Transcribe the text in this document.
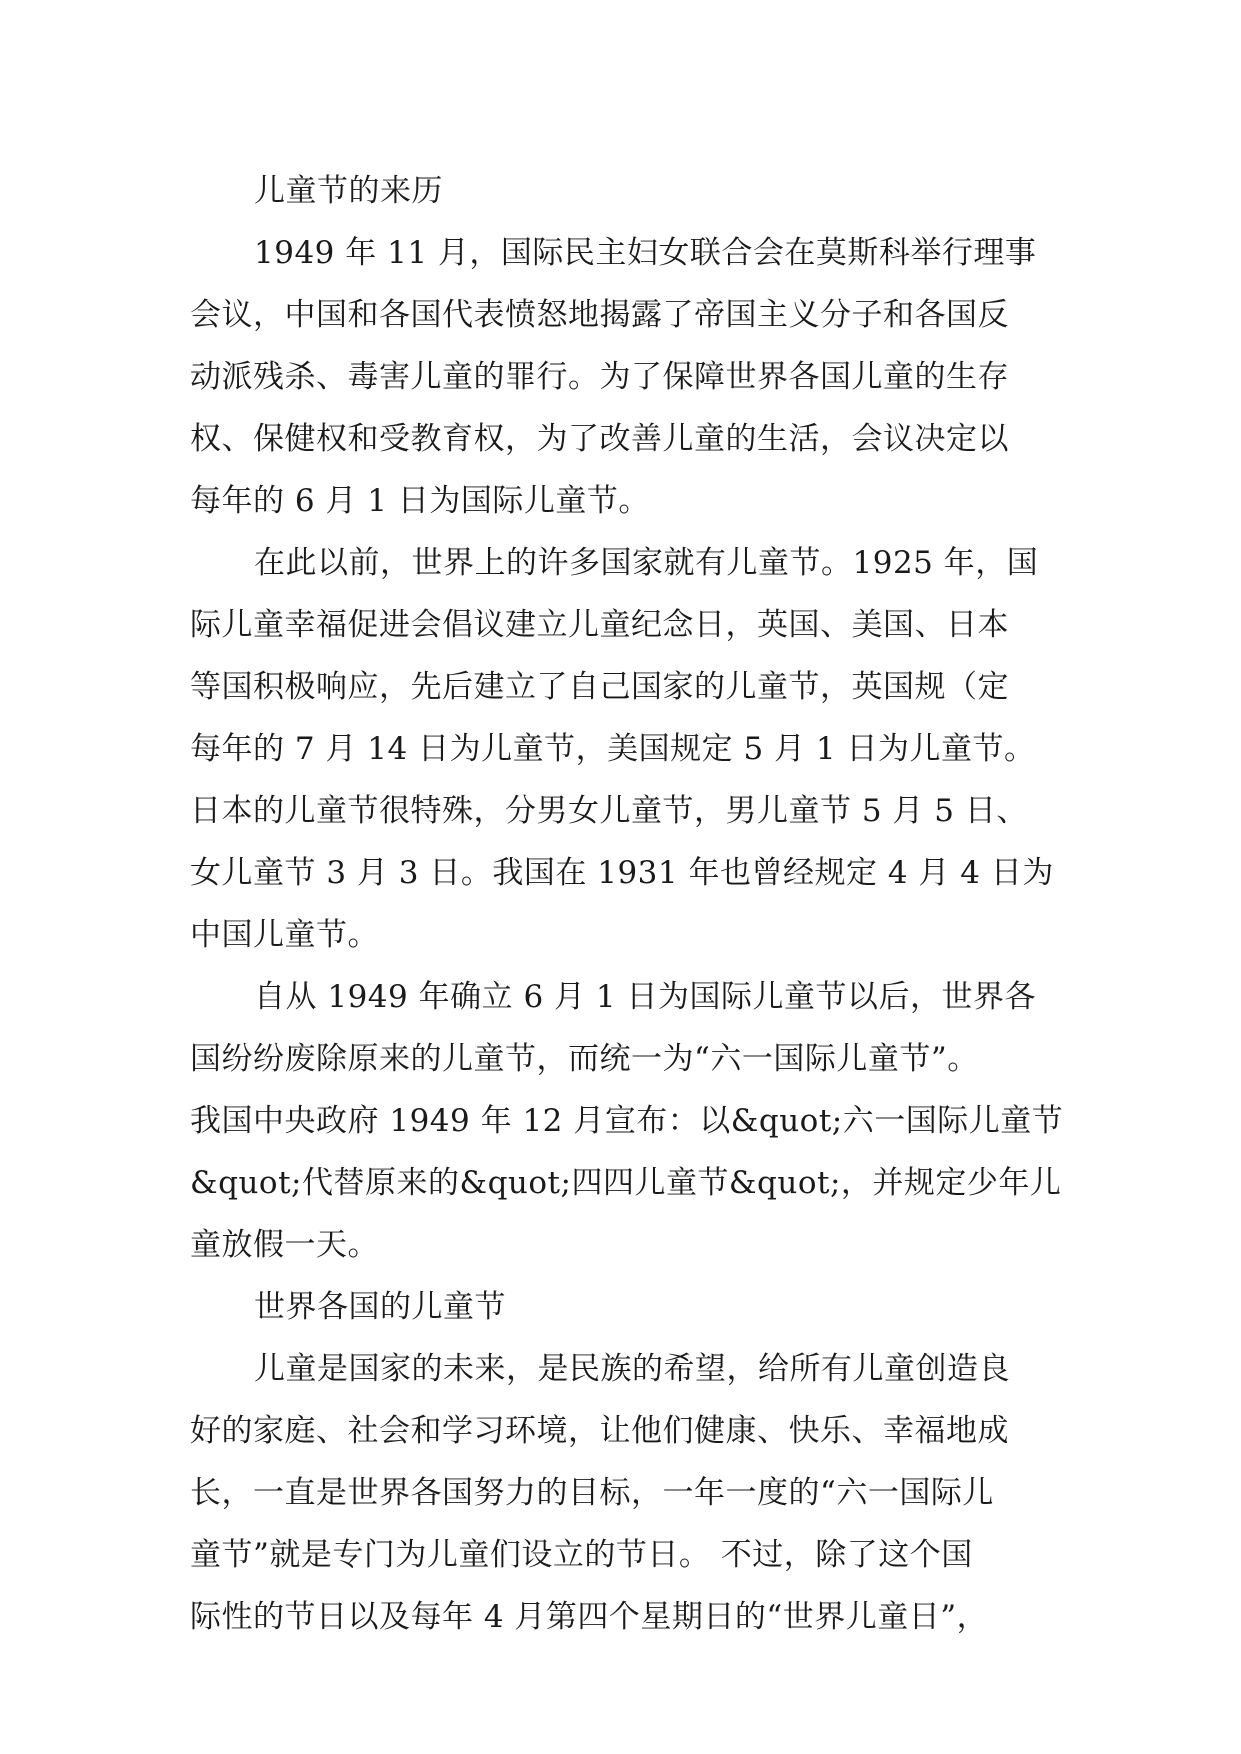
儿童节的来历
1949 年 11 月，国际民主妇女联合会在莫斯科举行理事
会议，中国和各国代表愤怒地揭露了帝国主义分子和各国反
动派残杀、毒害儿童的罪行。为了保障世界各国儿童的生存
权、保健权和受教育权，为了改善儿童的生活，会议决定以
每年的 6 月 1 日为国际儿童节。
在此以前，世界上的许多国家就有儿童节。1925 年，国
际儿童幸福促进会倡议建立儿童纪念日，英国、美国、日本
等国积极响应，先后建立了自己国家的儿童节，英国规（定
每年的 7 月 14 日为儿童节，美国规定 5 月 1 日为儿童节。
日本的儿童节很特殊，分男女儿童节，男儿童节 5 月 5 日、
女儿童节 3 月 3 日。我国在 1931 年也曾经规定 4 月 4 日为
中国儿童节。
自从 1949 年确立 6 月 1 日为国际儿童节以后，世界各
国纷纷废除原来的儿童节，而统一为“六一国际儿童节”。
我国中央政府 1949 年 12 月宣布：以&quot;六一国际儿童节
&quot;代替原来的&quot;四四儿童节&quot;，并规定少年儿
童放假一天。
世界各国的儿童节
儿童是国家的未来，是民族的希望，给所有儿童创造良
好的家庭、社会和学习环境，让他们健康、快乐、幸福地成
长，一直是世界各国努力的目标，一年一度的“六一国际儿
童节”就是专门为儿童们设立的节日。 不过，除了这个国
际性的节日以及每年 4 月第四个星期日的“世界儿童日”，
